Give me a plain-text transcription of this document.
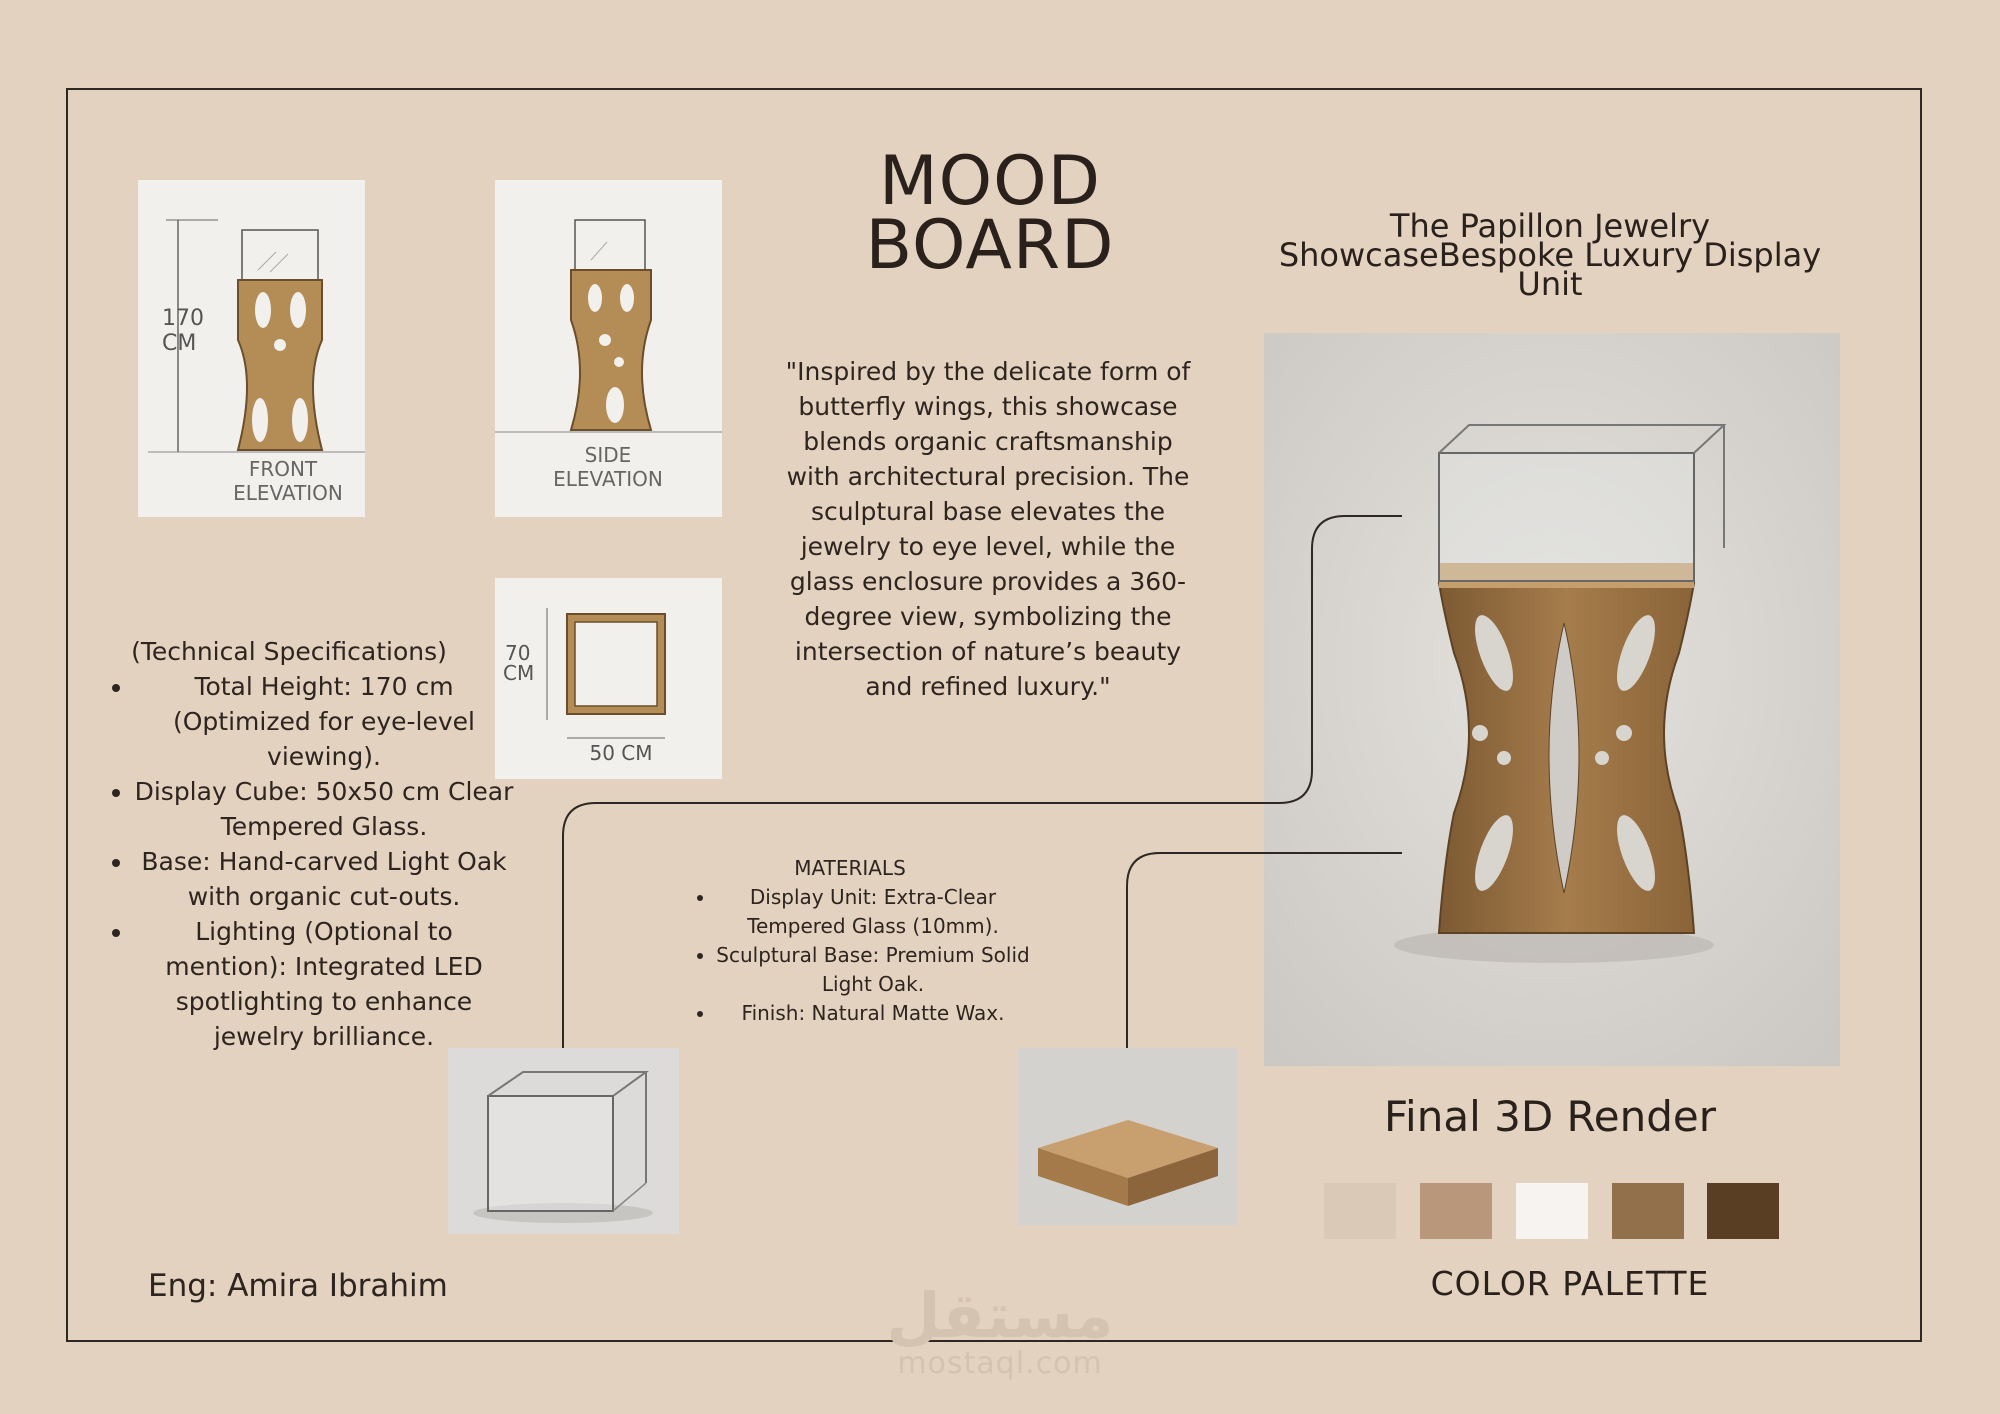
170
CM
FRONT
ELEVATION
SIDE
ELEVATION
70
CM
50 CM
MOOD
BOARD	The Papillon Jewelry ShowcaseBespoke Luxury Display Unit
"Inspired by the delicate form of butterfly wings, this showcase blends organic craftsmanship with architectural precision. The sculptural base elevates the jewelry to eye level, while the glass enclosure provides a 360-degree view, symbolizing the intersection of nature’s beauty and refined luxury."
(Technical Specifications)
• Total Height: 170 cm (Optimized for eye-level viewing).
• Display Cube: 50x50 cm Clear Tempered Glass.
• Base: Hand-carved Light Oak with organic cut-outs.
• Lighting (Optional to mention): Integrated LED spotlighting to enhance jewelry brilliance.
MATERIALS
• Display Unit: Extra-Clear Tempered Glass (10mm).
• Sculptural Base: Premium Solid Light Oak.
• Finish: Natural Matte Wax.
Final 3D Render
COLOR PALETTE
Eng: Amira Ibrahim	مستقل
mostaql.com
